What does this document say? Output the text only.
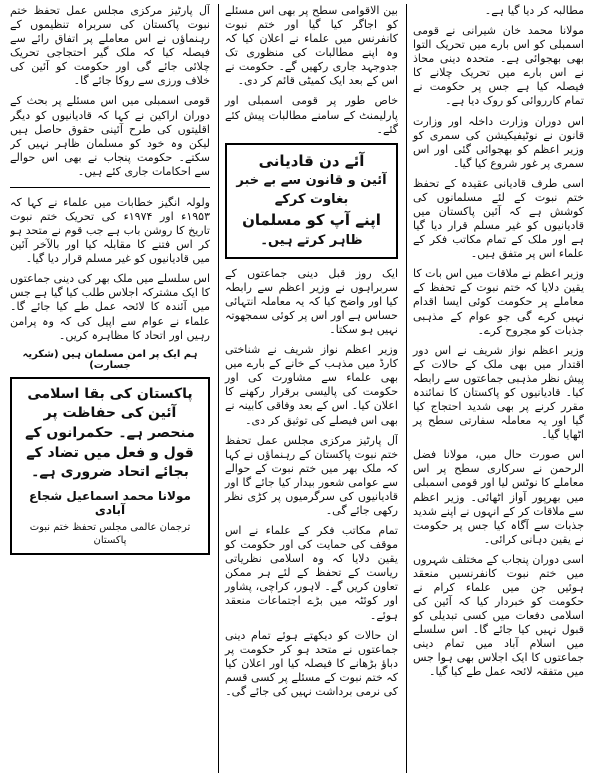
مطالبہ کر دیا گیا ہے۔

مولانا محمد خان شیرانی نے قومی اسمبلی کو اس بارے میں تحریک التوا بھی بھجوائی ہے۔ متحدہ دینی محاذ نے اس بارے میں تحریک چلانے کا فیصلہ کیا ہے جس پر حکومت نے تمام کارروائی کو روک دیا ہے۔

اس دوران وزارت داخلہ اور وزارت قانون نے نوٹیفیکیشن کی سمری کو وزیر اعظم کو بھجوائی گئی اور اس سمری پر غور شروع کیا گیا۔

اسی طرف قادیانی عقیدہ کے تحفظ ختم نبوت کے لئے مسلمانوں کی کوشش ہے کہ آئین پاکستان میں قادیانیوں کو غیر مسلم قرار دیا گیا ہے اور ملک کے تمام مکاتب فکر کے علماء اس پر متفق ہیں۔

وزیر اعظم نے ملاقات میں اس بات کا یقین دلایا کہ ختم نبوت کے تحفظ کے معاملے پر حکومت کوئی ایسا اقدام نہیں کرے گی جو عوام کے مذہبی جذبات کو مجروح کرے۔

وزیر اعظم نواز شریف نے اس دور اقتدار میں بھی ملک کے حالات کے پیش نظر مذہبی جماعتوں سے رابطہ کیا۔ قادیانیوں کو پاکستان کا نمائندہ مقرر کرنے پر بھی شدید احتجاج کیا گیا اور یہ معاملہ سفارتی سطح پر اٹھایا گیا۔

اس صورت حال میں، مولانا فضل الرحمن نے سرکاری سطح پر اس معاملے کا نوٹس لیا اور قومی اسمبلی میں بھرپور آواز اٹھائی۔ وزیر اعظم سے ملاقات کر کے انہوں نے اپنے شدید جذبات سے آگاہ کیا جس پر حکومت نے یقین دہانی کرائی۔

اسی دوران پنجاب کے مختلف شہروں میں ختم نبوت کانفرنسیں منعقد ہوئیں جن میں علماء کرام نے حکومت کو خبردار کیا کہ آئین کی اسلامی دفعات میں کسی تبدیلی کو قبول نہیں کیا جائے گا۔ اس سلسلے میں اسلام آباد میں تمام دینی جماعتوں کا ایک اجلاس بھی ہوا جس میں متفقہ لائحہ عمل طے کیا گیا۔

بین الاقوامی سطح پر بھی اس مسئلے کو اجاگر کیا گیا اور ختم نبوت کانفرنس میں علماء نے اعلان کیا کہ وہ اپنے مطالبات کی منظوری تک جدوجہد جاری رکھیں گے۔ حکومت نے اس کے بعد ایک کمیٹی قائم کر دی۔

خاص طور پر قومی اسمبلی اور پارلیمنٹ کے سامنے مطالبات پیش کئے گئے۔

آئے دن قادیانی
آئین و قانون سے بے خبر بغاوت کرکے
اپنے آپ کو مسلمان
ظاہر کرتے ہیں۔

ایک روز قبل دینی جماعتوں کے سربراہوں نے وزیر اعظم سے رابطہ کیا اور واضح کیا کہ یہ معاملہ انتہائی حساس ہے اور اس پر کوئی سمجھوتہ نہیں ہو سکتا۔

وزیر اعظم نواز شریف نے شناختی کارڈ میں مذہب کے خانے کے بارے میں بھی علماء سے مشاورت کی اور حکومت کی پالیسی برقرار رکھنے کا اعلان کیا۔ اس کے بعد وفاقی کابینہ نے بھی اس فیصلے کی توثیق کر دی۔

آل پارٹیز مرکزی مجلس عمل تحفظ ختم نبوت پاکستان کے رہنماؤں نے کہا کہ ملک بھر میں ختم نبوت کے حوالے سے عوامی شعور بیدار کیا جائے گا اور قادیانیوں کی سرگرمیوں پر کڑی نظر رکھی جائے گی۔

تمام مکاتب فکر کے علماء نے اس موقف کی حمایت کی اور حکومت کو یقین دلایا کہ وہ اسلامی نظریاتی ریاست کے تحفظ کے لئے ہر ممکن تعاون کریں گے۔ لاہور، کراچی، پشاور اور کوئٹہ میں بڑے اجتماعات منعقد ہوئے۔

ان حالات کو دیکھتے ہوئے تمام دینی جماعتوں نے متحد ہو کر حکومت پر دباؤ بڑھانے کا فیصلہ کیا اور اعلان کیا کہ ختم نبوت کے مسئلے پر کسی قسم کی نرمی برداشت نہیں کی جائے گی۔

آل پارٹیز مرکزی مجلس عمل تحفظ ختم نبوت پاکستان کی سربراہ تنظیموں کے رہنماؤں نے اس معاملے پر اتفاق رائے سے فیصلہ کیا کہ ملک گیر احتجاجی تحریک چلائی جائے گی اور حکومت کو آئین کی خلاف ورزی سے روکا جائے گا۔

قومی اسمبلی میں اس مسئلے پر بحث کے دوران اراکین نے کہا کہ قادیانیوں کو دیگر اقلیتوں کی طرح آئینی حقوق حاصل ہیں لیکن وہ خود کو مسلمان ظاہر نہیں کر سکتے۔ حکومت پنجاب نے بھی اس حوالے سے احکامات جاری کئے ہیں۔

ولولہ انگیز خطابات میں علماء نے کہا کہ ۱۹۵۳ء اور ۱۹۷۴ء کی تحریک ختم نبوت تاریخ کا روشن باب ہے جب قوم نے متحد ہو کر اس فتنے کا مقابلہ کیا اور بالآخر آئین میں قادیانیوں کو غیر مسلم قرار دیا گیا۔

اس سلسلے میں ملک بھر کی دینی جماعتوں کا ایک مشترکہ اجلاس طلب کیا گیا ہے جس میں آئندہ کا لائحہ عمل طے کیا جائے گا۔ علماء نے عوام سے اپیل کی کہ وہ پرامن رہیں اور اتحاد کا مظاہرہ کریں۔

ہم ایک پر امن مسلمان ہیں (شکریہ جسارت)
پاکستان کی بقا اسلامی آئین کی حفاظت پر منحصر ہے۔ حکمرانوں کے قول و فعل میں تضاد کے بجائے اتحاد ضروری ہے۔
مولانا محمد اسماعیل شجاع آبادی
ترجمان عالمی مجلس تحفظ ختم نبوت پاکستان
